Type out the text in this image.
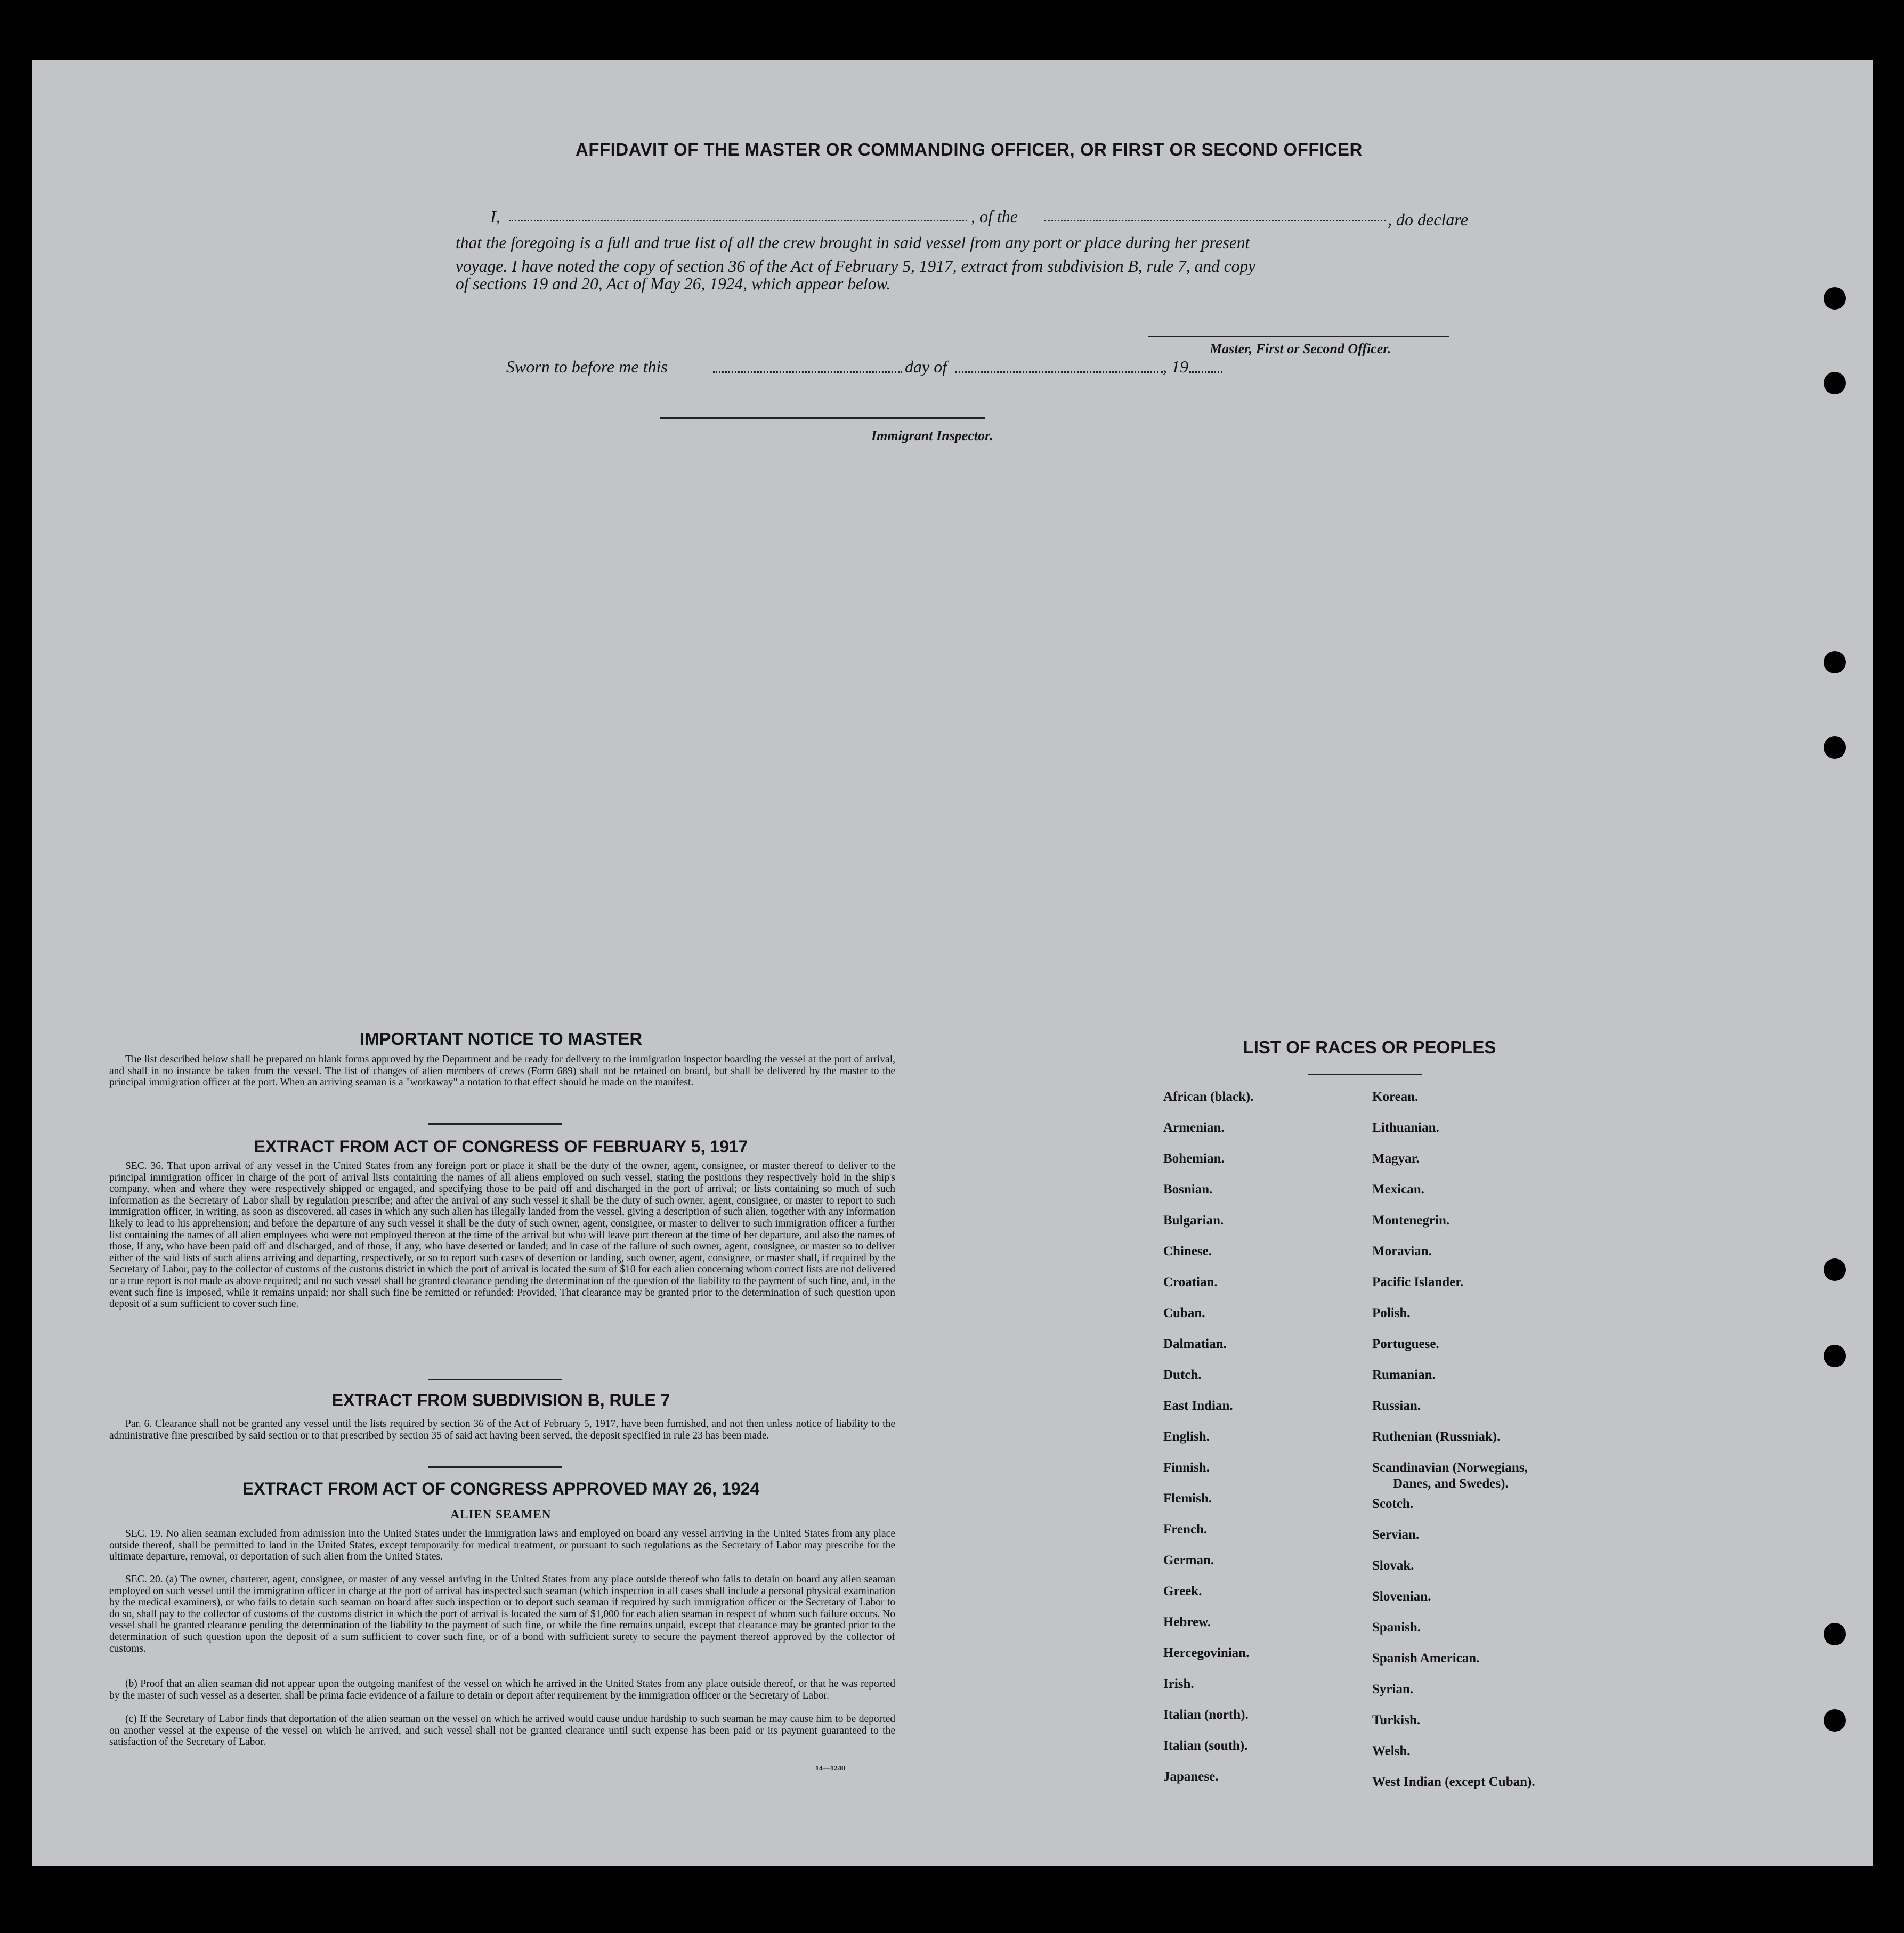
AFFIDAVIT OF THE MASTER OR COMMANDING OFFICER, OR FIRST OR SECOND OFFICER
I,	, of the	, do declare
that the foregoing is a full and true list of all the crew brought in said vessel from any port or place during her present
voyage. I have noted the copy of section 36 of the Act of February 5, 1917, extract from subdivision B, rule 7, and copy
of sections 19 and 20, Act of May 26, 1924, which appear below.
Master, First or Second Officer.
Sworn to before me this	day of	, 19
Immigrant Inspector.
IMPORTANT NOTICE TO MASTER

The list described below shall be prepared on blank forms approved by the Department and be ready for delivery to the immigration inspector boarding the vessel at the port of arrival, and shall in no instance be taken from the vessel. The list of changes of alien members of crews (Form 689) shall not be retained on board, but shall be delivered by the master to the principal immigration officer at the port. When an arriving seaman is a "workaway" a notation to that effect should be made on the manifest.

EXTRACT FROM ACT OF CONGRESS OF FEBRUARY 5, 1917

SEC. 36. That upon arrival of any vessel in the United States from any foreign port or place it shall be the duty of the owner, agent, consignee, or master thereof to deliver to the principal immigration officer in charge of the port of arrival lists containing the names of all aliens employed on such vessel, stating the positions they respectively hold in the ship's company, when and where they were respectively shipped or engaged, and specifying those to be paid off and discharged in the port of arrival; or lists containing so much of such information as the Secretary of Labor shall by regulation prescribe; and after the arrival of any such vessel it shall be the duty of such owner, agent, consignee, or master to report to such immigration officer, in writing, as soon as discovered, all cases in which any such alien has illegally landed from the vessel, giving a description of such alien, together with any information likely to lead to his apprehension; and before the departure of any such vessel it shall be the duty of such owner, agent, consignee, or master to deliver to such immigration officer a further list containing the names of all alien employees who were not employed thereon at the time of the arrival but who will leave port thereon at the time of her departure, and also the names of those, if any, who have been paid off and discharged, and of those, if any, who have deserted or landed; and in case of the failure of such owner, agent, consignee, or master so to deliver either of the said lists of such aliens arriving and departing, respectively, or so to report such cases of desertion or landing, such owner, agent, consignee, or master shall, if required by the Secretary of Labor, pay to the collector of customs of the customs district in which the port of arrival is located the sum of $10 for each alien concerning whom correct lists are not delivered or a true report is not made as above required; and no such vessel shall be granted clearance pending the determination of the question of the liability to the payment of such fine, and, in the event such fine is imposed, while it remains unpaid; nor shall such fine be remitted or refunded: Provided, That clearance may be granted prior to the determination of such question upon deposit of a sum sufficient to cover such fine.

EXTRACT FROM SUBDIVISION B, RULE 7

Par. 6. Clearance shall not be granted any vessel until the lists required by section 36 of the Act of February 5, 1917, have been furnished, and not then unless notice of liability to the administrative fine prescribed by said section or to that prescribed by section 35 of said act having been served, the deposit specified in rule 23 has been made.

EXTRACT FROM ACT OF CONGRESS APPROVED MAY 26, 1924
ALIEN SEAMEN

SEC. 19. No alien seaman excluded from admission into the United States under the immigration laws and employed on board any vessel arriving in the United States from any place outside thereof, shall be permitted to land in the United States, except temporarily for medical treatment, or pursuant to such regulations as the Secretary of Labor may prescribe for the ultimate departure, removal, or deportation of such alien from the United States.

SEC. 20. (a) The owner, charterer, agent, consignee, or master of any vessel arriving in the United States from any place outside thereof who fails to detain on board any alien seaman employed on such vessel until the immigration officer in charge at the port of arrival has inspected such seaman (which inspection in all cases shall include a personal physical examination by the medical examiners), or who fails to detain such seaman on board after such inspection or to deport such seaman if required by such immigration officer or the Secretary of Labor to do so, shall pay to the collector of customs of the customs district in which the port of arrival is located the sum of $1,000 for each alien seaman in respect of whom such failure occurs. No vessel shall be granted clearance pending the determination of the liability to the payment of such fine, or while the fine remains unpaid, except that clearance may be granted prior to the determination of such question upon the deposit of a sum sufficient to cover such fine, or of a bond with sufficient surety to secure the payment thereof approved by the collector of customs.

(b) Proof that an alien seaman did not appear upon the outgoing manifest of the vessel on which he arrived in the United States from any place outside thereof, or that he was reported by the master of such vessel as a deserter, shall be prima facie evidence of a failure to detain or deport after requirement by the immigration officer or the Secretary of Labor.

(c) If the Secretary of Labor finds that deportation of the alien seaman on the vessel on which he arrived would cause undue hardship to such seaman he may cause him to be deported on another vessel at the expense of the vessel on which he arrived, and such vessel shall not be granted clearance until such expense has been paid or its payment guaranteed to the satisfaction of the Secretary of Labor.

14—1240
LIST OF RACES OR PEOPLES
African (black).
Armenian.
Bohemian.
Bosnian.
Bulgarian.
Chinese.
Croatian.
Cuban.
Dalmatian.
Dutch.
East Indian.
English.
Finnish.
Flemish.
French.
German.
Greek.
Hebrew.
Hercegovinian.
Irish.
Italian (north).
Italian (south).
Japanese.
Korean.
Lithuanian.
Magyar.
Mexican.
Montenegrin.
Moravian.
Pacific Islander.
Polish.
Portuguese.
Rumanian.
Russian.
Ruthenian (Russniak).
Scandinavian (Norwegians,
Danes, and Swedes).
Scotch.
Servian.
Slovak.
Slovenian.
Spanish.
Spanish American.
Syrian.
Turkish.
Welsh.
West Indian (except Cuban).
